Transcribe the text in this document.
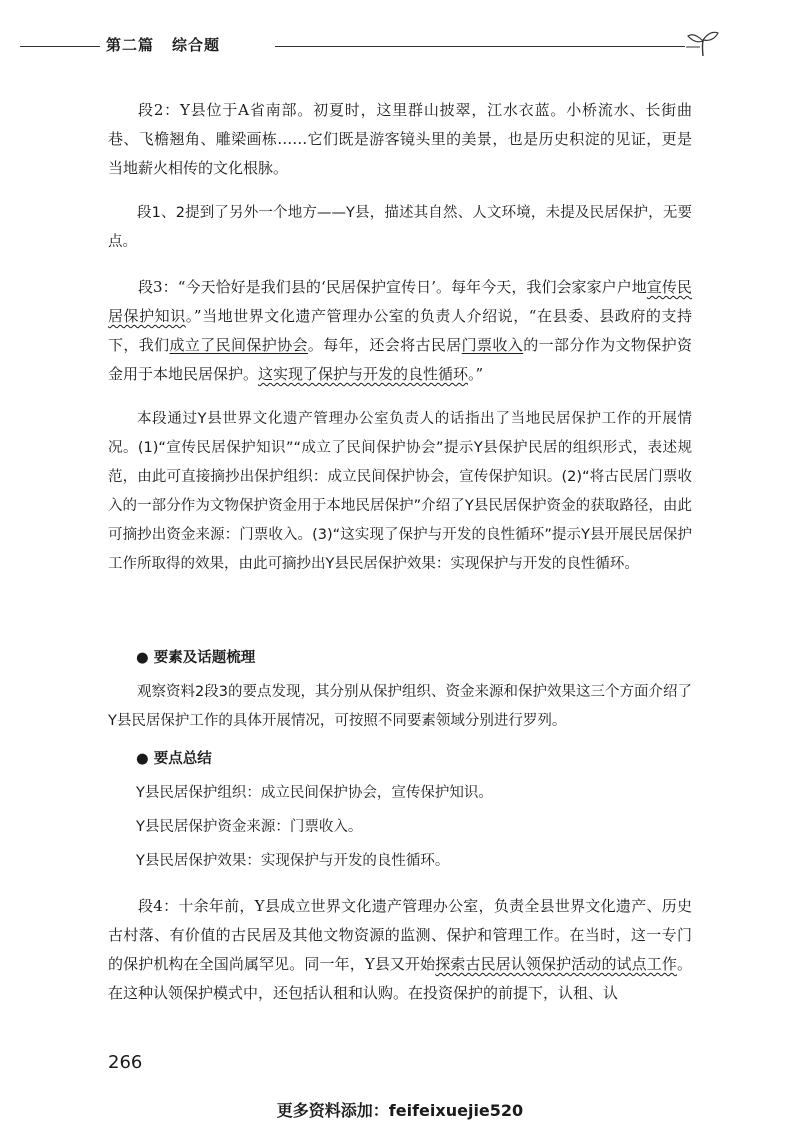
第二篇 综合题
段2：Y县位于A省南部。初夏时，这里群山披翠，江水衣蓝。小桥流水、长街曲巷、飞檐翘角、雕梁画栋……它们既是游客镜头里的美景，也是历史积淀的见证，更是当地薪火相传的文化根脉。
段1、2提到了另外一个地方——Y县，描述其自然、人文环境，未提及民居保护，无要点。
段3：“今天恰好是我们县的‘民居保护宣传日’。每年今天，我们会家家户户地宣传民居保护知识。”当地世界文化遗产管理办公室的负责人介绍说，“在县委、县政府的支持下，我们成立了民间保护协会。每年，还会将古民居门票收入的一部分作为文物保护资金用于本地民居保护。这实现了保护与开发的良性循环。”
本段通过Y县世界文化遗产管理办公室负责人的话指出了当地民居保护工作的开展情况。(1)“宣传民居保护知识”“成立了民间保护协会”提示Y县保护民居的组织形式，表述规范，由此可直接摘抄出保护组织：成立民间保护协会，宣传保护知识。(2)“将古民居门票收入的一部分作为文物保护资金用于本地民居保护”介绍了Y县民居保护资金的获取路径，由此可摘抄出资金来源：门票收入。(3)“这实现了保护与开发的良性循环”提示Y县开展民居保护工作所取得的效果，由此可摘抄出Y县民居保护效果：实现保护与开发的良性循环。
● 要素及话题梳理
观察资料2段3的要点发现，其分别从保护组织、资金来源和保护效果这三个方面介绍了Y县民居保护工作的具体开展情况，可按照不同要素领域分别进行罗列。
● 要点总结
Y县民居保护组织：成立民间保护协会，宣传保护知识。
Y县民居保护资金来源：门票收入。
Y县民居保护效果：实现保护与开发的良性循环。
段4：十余年前，Y县成立世界文化遗产管理办公室，负责全县世界文化遗产、历史古村落、有价值的古民居及其他文物资源的监测、保护和管理工作。在当时，这一专门的保护机构在全国尚属罕见。同一年，Y县又开始探索古民居认领保护活动的试点工作。在这种认领保护模式中，还包括认租和认购。在投资保护的前提下，认租、认
266
更多资料添加：feifeixuejie520
